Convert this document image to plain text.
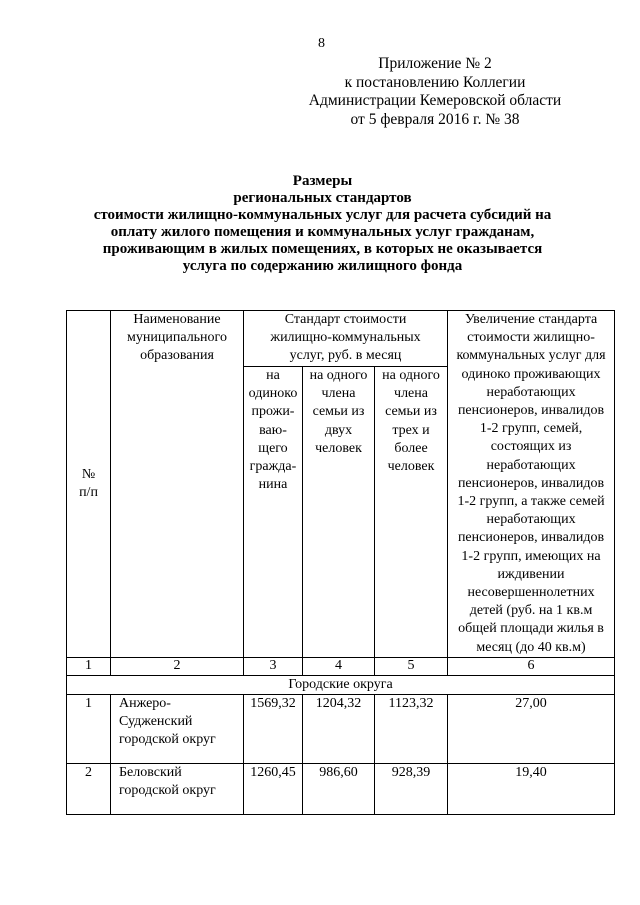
8
Приложение № 2
к постановлению Коллегии
Администрации Кемеровской области
от 5 февраля 2016 г. № 38
Размеры
региональных стандартов
стоимости жилищно-коммунальных услуг для расчета субсидий на
оплату жилого помещения и коммунальных услуг гражданам,
проживающим в жилых помещениях, в которых не оказывается
услуга по содержанию жилищного фонда
№ п/п	Наименование муниципального образования	Стандарт стоимости жилищно-коммунальных услуг, руб. в месяц			Увеличение стандарта стоимости жилищно-коммунальных услуг для одиноко проживающих неработающих пенсионеров, инвалидов 1-2 групп, семей, состоящих из неработающих пенсионеров, инвалидов 1-2 групп, а также семей неработающих пенсионеров, инвалидов 1-2 групп, имеющих на иждивении несовершеннолетних детей (руб. на 1 кв.м общей площади жилья в месяц (до 40 кв.м)
		на одиноко прожи-ваю-щего гражда-нина	на одного члена семьи из двух человек	на одного члена семьи из трех и более человек	
1	2	3	4	5	6
Городские округа					
1	Анжеро-Судженский городской округ	1569,32	1204,32	1123,32	27,00
2	Беловский городской округ	1260,45	986,60	928,39	19,40
